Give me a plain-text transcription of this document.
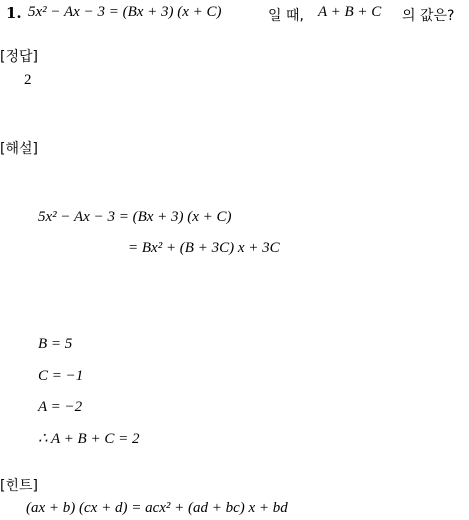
1. 5x² − Ax − 3 = (Bx + 3) (x + C)	일 때, A + B + C 의 값은?
[정답]
2
[해설]
5x² − Ax − 3 = (Bx + 3) (x + C)
= Bx² + (B + 3C) x + 3C
B = 5
C = −1
A = −2
∴ A + B + C = 2
[힌트]
(ax + b) (cx + d) = acx² + (ad + bc) x + bd
